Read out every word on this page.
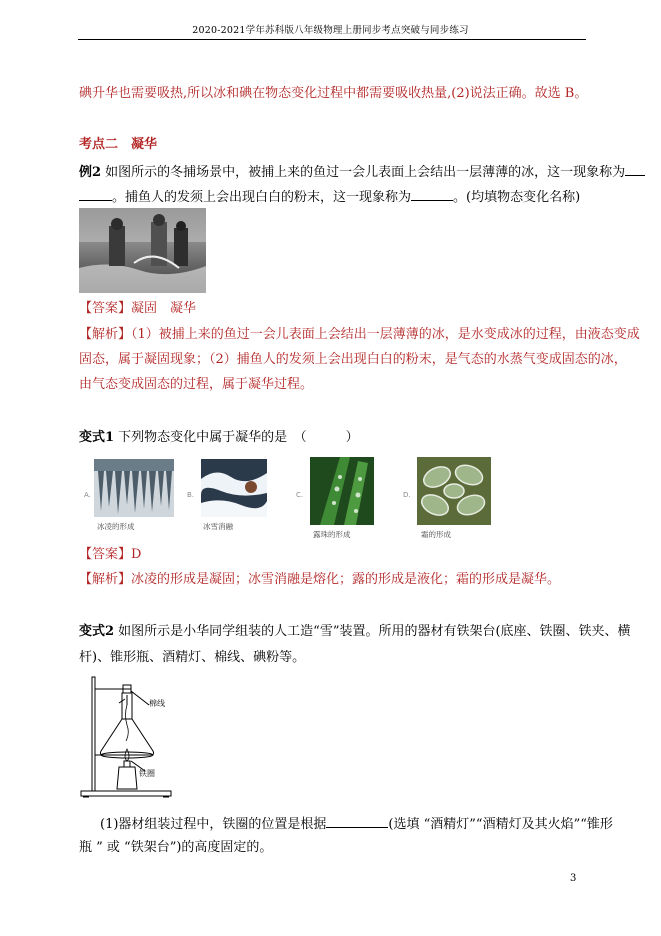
2020-2021学年苏科版八年级物理上册同步考点突破与同步练习
碘升华也需要吸热,所以冰和碘在物态变化过程中都需要吸收热量,(2)说法正确。故选 B。
考点二　凝华
例2 如图所示的冬捕场景中，被捕上来的鱼过一会儿表面上会结出一层薄薄的冰，这一现象称为
。捕鱼人的发须上会出现白白的粉末，这一现象称为	。(均填物态变化名称)
【答案】凝固　凝华
【解析】（1）被捕上来的鱼过一会儿表面上会结出一层薄薄的冰，是水变成冰的过程，由液态变成
固态，属于凝固现象；（2）捕鱼人的发须上会出现白白的粉末，是气态的水蒸气变成固态的冰，
由气态变成固态的过程，属于凝华过程。
变式1 下列物态变化中属于凝华的是　（　　　）
A.
冰凌的形成
B.
冰雪消融
C.
露珠的形成
D.
霜的形成
【答案】D
【解析】冰凌的形成是凝固；冰雪消融是熔化；露的形成是液化；霜的形成是凝华。
变式2 如图所示是小华同学组装的人工造“雪”装置。所用的器材有铁架台(底座、铁圈、铁夹、横
杆)、锥形瓶、酒精灯、棉线、碘粉等。
棉线
铁圈
(1)器材组装过程中，铁圈的位置是根据	(选填 “酒精灯”“酒精灯及其火焰”“锥形
瓶 ” 或 “铁架台”)的高度固定的。
3
